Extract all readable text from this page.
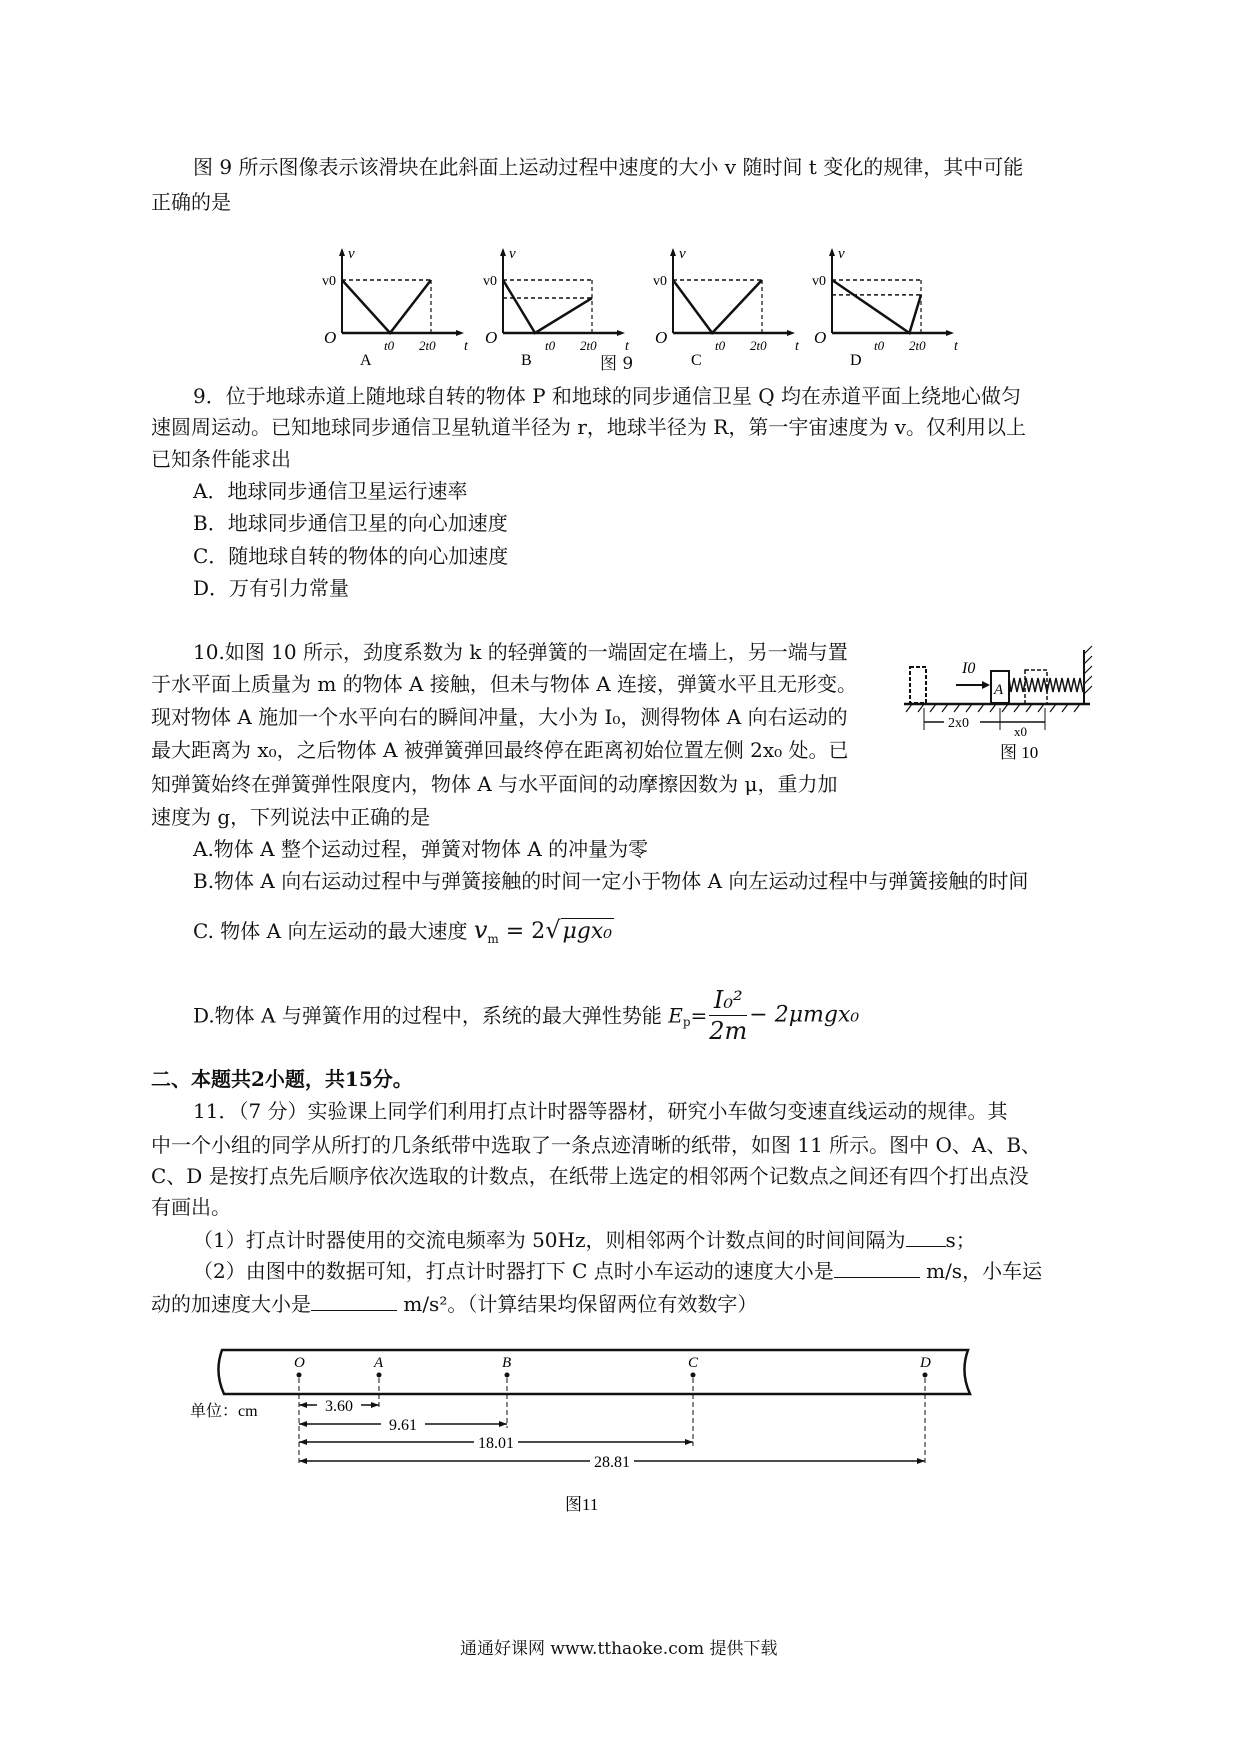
图 9 所示图像表示该滑块在此斜面上运动过程中速度的大小 v 随时间 t 变化的规律，其中可能
正确的是
v
v0
O	t0 2t0 t
A
v
v0
O	t0 2t0 t
B
v
v0
O	t0 2t0 t
C
v
v0
O	t0 2t0 t
D
图 9
9．位于地球赤道上随地球自转的物体 P 和地球的同步通信卫星 Q 均在赤道平面上绕地心做匀
速圆周运动。已知地球同步通信卫星轨道半径为 r，地球半径为 R，第一宇宙速度为 v。仅利用以上
已知条件能求出
A．地球同步通信卫星运行速率
B．地球同步通信卫星的向心加速度
C．随地球自转的物体的向心加速度
D．万有引力常量
10.如图 10 所示，劲度系数为 k 的轻弹簧的一端固定在墙上，另一端与置
于水平面上质量为 m 的物体 A 接触，但未与物体 A 连接，弹簧水平且无形变。
现对物体 A 施加一个水平向右的瞬间冲量，大小为 I₀，测得物体 A 向右运动的
最大距离为 x₀，之后物体 A 被弹簧弹回最终停在距离初始位置左侧 2x₀ 处。已
知弹簧始终在弹簧弹性限度内，物体 A 与水平面间的动摩擦因数为 μ，重力加
速度为 g，下列说法中正确的是
A.物体 A 整个运动过程，弹簧对物体 A 的冲量为零
B.物体 A 向右运动过程中与弹簧接触的时间一定小于物体 A 向左运动过程中与弹簧接触的时间
C. 物体 A 向左运动的最大速度 $v_m = 2√\mu gx_0$
D.物体 A 与弹簧作用的过程中，系统的最大弹性势能 $E_p= \frac{\text{I₀²}}{2m} - 2\mu mgx_0$
I0
A
2x0
x0
图 10
二、本题共2小题，共15分。
11．（7 分）实验课上同学们利用打点计时器等器材，研究小车做匀变速直线运动的规律。其
中一个小组的同学从所打的几条纸带中选取了一条点迹清晰的纸带，如图 11 所示。图中 O、A、B、
C、D 是按打点先后顺序依次选取的计数点，在纸带上选定的相邻两个记数点之间还有四个打出点没
有画出。
（1）打点计时器使用的交流电频率为 50Hz，则相邻两个计数点间的时间间隔为 s；
（2）由图中的数据可知，打点计时器打下 C 点时小车运动的速度大小是	m/s，小车运
动的加速度大小是	m/s²。（计算结果均保留两位有效数字）
单位：cm
图11
O	A	B	C	D
3.60
9.61
18.01
28.81
通通好课网 www.tthaoke.com 提供下载
